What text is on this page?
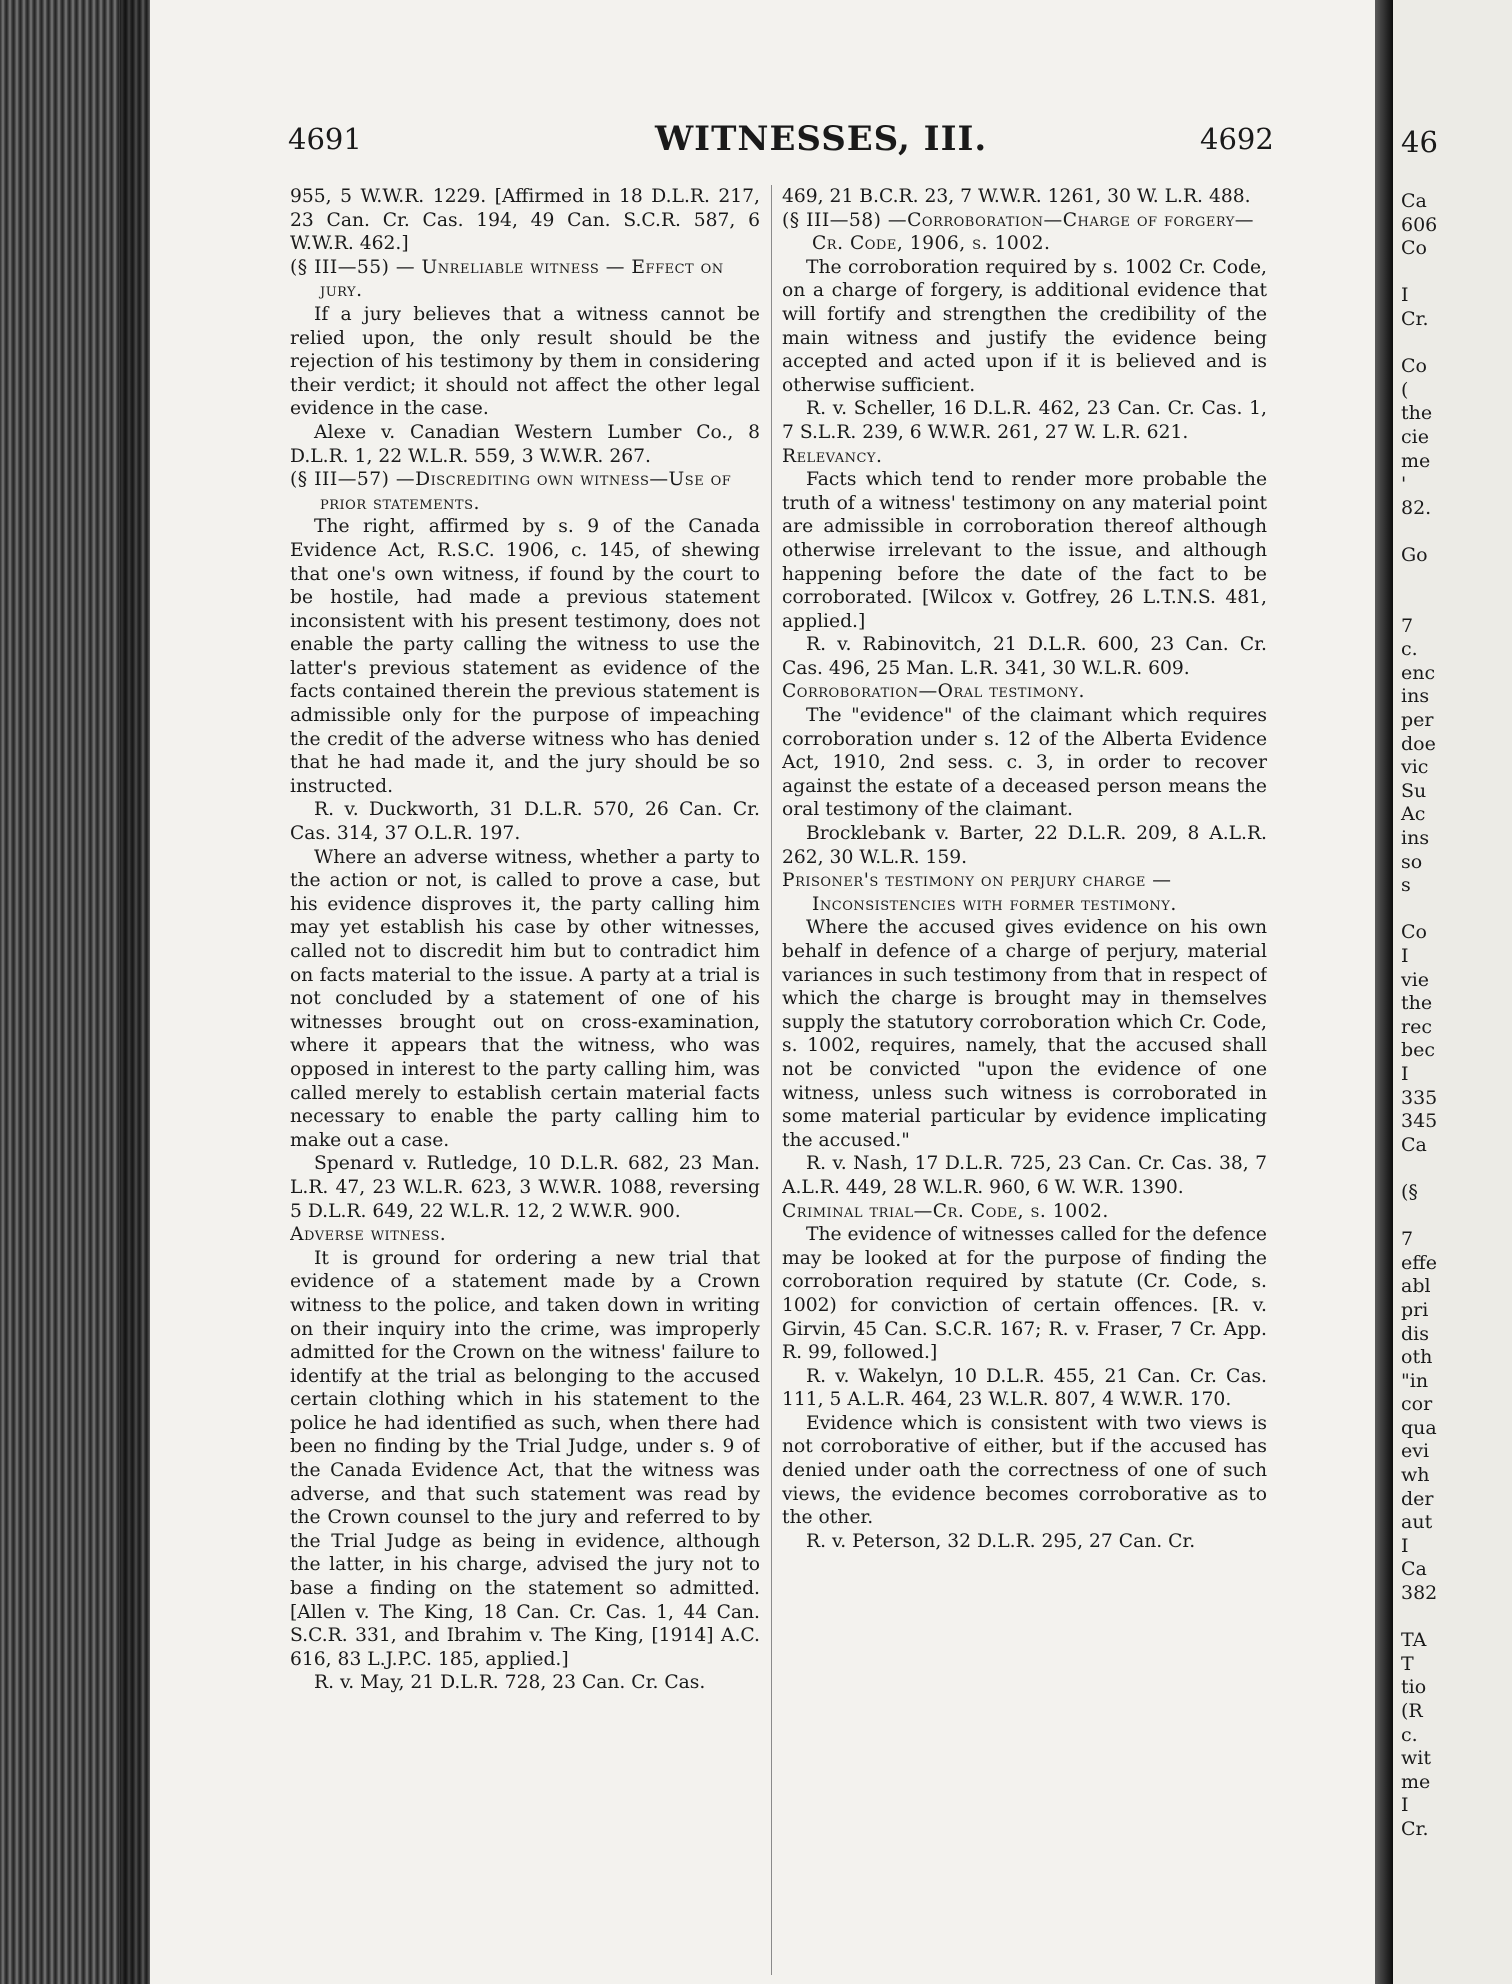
4691	WITNESSES, III.	4692

955, 5 W.W.R. 1229. [Affirmed in 18 D.L.R. 217, 23 Can. Cr. Cas. 194, 49 Can. S.C.R. 587, 6 W.W.R. 462.]

(§ III—55) — Unreliable witness — Effect on jury.

If a jury believes that a witness cannot be relied upon, the only result should be the rejection of his testimony by them in considering their verdict; it should not affect the other legal evidence in the case.

Alexe v. Canadian Western Lumber Co., 8 D.L.R. 1, 22 W.L.R. 559, 3 W.W.R. 267.

(§ III—57) —Discrediting own witness—Use of prior statements.

The right, affirmed by s. 9 of the Canada Evidence Act, R.S.C. 1906, c. 145, of shewing that one's own witness, if found by the court to be hostile, had made a previous statement inconsistent with his present testimony, does not enable the party calling the witness to use the latter's previous statement as evidence of the facts contained therein the previous statement is admissible only for the purpose of impeaching the credit of the adverse witness who has denied that he had made it, and the jury should be so instructed.

R. v. Duckworth, 31 D.L.R. 570, 26 Can. Cr. Cas. 314, 37 O.L.R. 197.

Where an adverse witness, whether a party to the action or not, is called to prove a case, but his evidence disproves it, the party calling him may yet establish his case by other witnesses, called not to discredit him but to contradict him on facts material to the issue. A party at a trial is not concluded by a statement of one of his witnesses brought out on cross-examination, where it appears that the witness, who was opposed in interest to the party calling him, was called merely to establish certain material facts necessary to enable the party calling him to make out a case.

Spenard v. Rutledge, 10 D.L.R. 682, 23 Man. L.R. 47, 23 W.L.R. 623, 3 W.W.R. 1088, reversing 5 D.L.R. 649, 22 W.L.R. 12, 2 W.W.R. 900.

Adverse witness.

It is ground for ordering a new trial that evidence of a statement made by a Crown witness to the police, and taken down in writing on their inquiry into the crime, was improperly admitted for the Crown on the witness' failure to identify at the trial as belonging to the accused certain clothing which in his statement to the police he had identified as such, when there had been no finding by the Trial Judge, under s. 9 of the Canada Evidence Act, that the witness was adverse, and that such statement was read by the Crown counsel to the jury and referred to by the Trial Judge as being in evidence, although the latter, in his charge, advised the jury not to base a finding on the statement so admitted. [Allen v. The King, 18 Can. Cr. Cas. 1, 44 Can. S.C.R. 331, and Ibrahim v. The King, [1914] A.C. 616, 83 L.J.P.C. 185, applied.]

R. v. May, 21 D.L.R. 728, 23 Can. Cr. Cas.

469, 21 B.C.R. 23, 7 W.W.R. 1261, 30 W. L.R. 488.

(§ III—58) —Corroboration—Charge of forgery—Cr. Code, 1906, s. 1002.

The corroboration required by s. 1002 Cr. Code, on a charge of forgery, is additional evidence that will fortify and strengthen the credibility of the main witness and justify the evidence being accepted and acted upon if it is believed and is otherwise sufficient.

R. v. Scheller, 16 D.L.R. 462, 23 Can. Cr. Cas. 1, 7 S.L.R. 239, 6 W.W.R. 261, 27 W. L.R. 621.

Relevancy.

Facts which tend to render more probable the truth of a witness' testimony on any material point are admissible in corroboration thereof although otherwise irrelevant to the issue, and although happening before the date of the fact to be corroborated. [Wilcox v. Gotfrey, 26 L.T.N.S. 481, applied.]

R. v. Rabinovitch, 21 D.L.R. 600, 23 Can. Cr. Cas. 496, 25 Man. L.R. 341, 30 W.L.R. 609.

Corroboration—Oral testimony.

The "evidence" of the claimant which requires corroboration under s. 12 of the Alberta Evidence Act, 1910, 2nd sess. c. 3, in order to recover against the estate of a deceased person means the oral testimony of the claimant.

Brocklebank v. Barter, 22 D.L.R. 209, 8 A.L.R. 262, 30 W.L.R. 159.

Prisoner's testimony on perjury charge —Inconsistencies with former testimony.

Where the accused gives evidence on his own behalf in defence of a charge of perjury, material variances in such testimony from that in respect of which the charge is brought may in themselves supply the statutory corroboration which Cr. Code, s. 1002, requires, namely, that the accused shall not be convicted "upon the evidence of one witness, unless such witness is corroborated in some material particular by evidence implicating the accused."

R. v. Nash, 17 D.L.R. 725, 23 Can. Cr. Cas. 38, 7 A.L.R. 449, 28 W.L.R. 960, 6 W. W.R. 1390.

Criminal trial—Cr. Code, s. 1002.

The evidence of witnesses called for the defence may be looked at for the purpose of finding the corroboration required by statute (Cr. Code, s. 1002) for conviction of certain offences. [R. v. Girvin, 45 Can. S.C.R. 167; R. v. Fraser, 7 Cr. App. R. 99, followed.]

R. v. Wakelyn, 10 D.L.R. 455, 21 Can. Cr. Cas. 111, 5 A.L.R. 464, 23 W.L.R. 807, 4 W.W.R. 170.

Evidence which is consistent with two views is not corroborative of either, but if the accused has denied under oath the correctness of one of such views, the evidence becomes corroborative as to the other.

R. v. Peterson, 32 D.L.R. 295, 27 Can. Cr.

46
Ca
606
Co

I
Cr.

Co
(
the
cie
me
'
82.

Go

7
c.
enc
ins
per
doe
vic
Su
Ac
ins
so
s

Co
I
vie
the
rec
bec
I
335
345
Ca

(§

7
effe
abl
pri
dis
oth
"in
cor
qua
evi
wh
der
aut
I
Ca
382

TA
T
tio
(R
c.
wit
me
I
Cr.
